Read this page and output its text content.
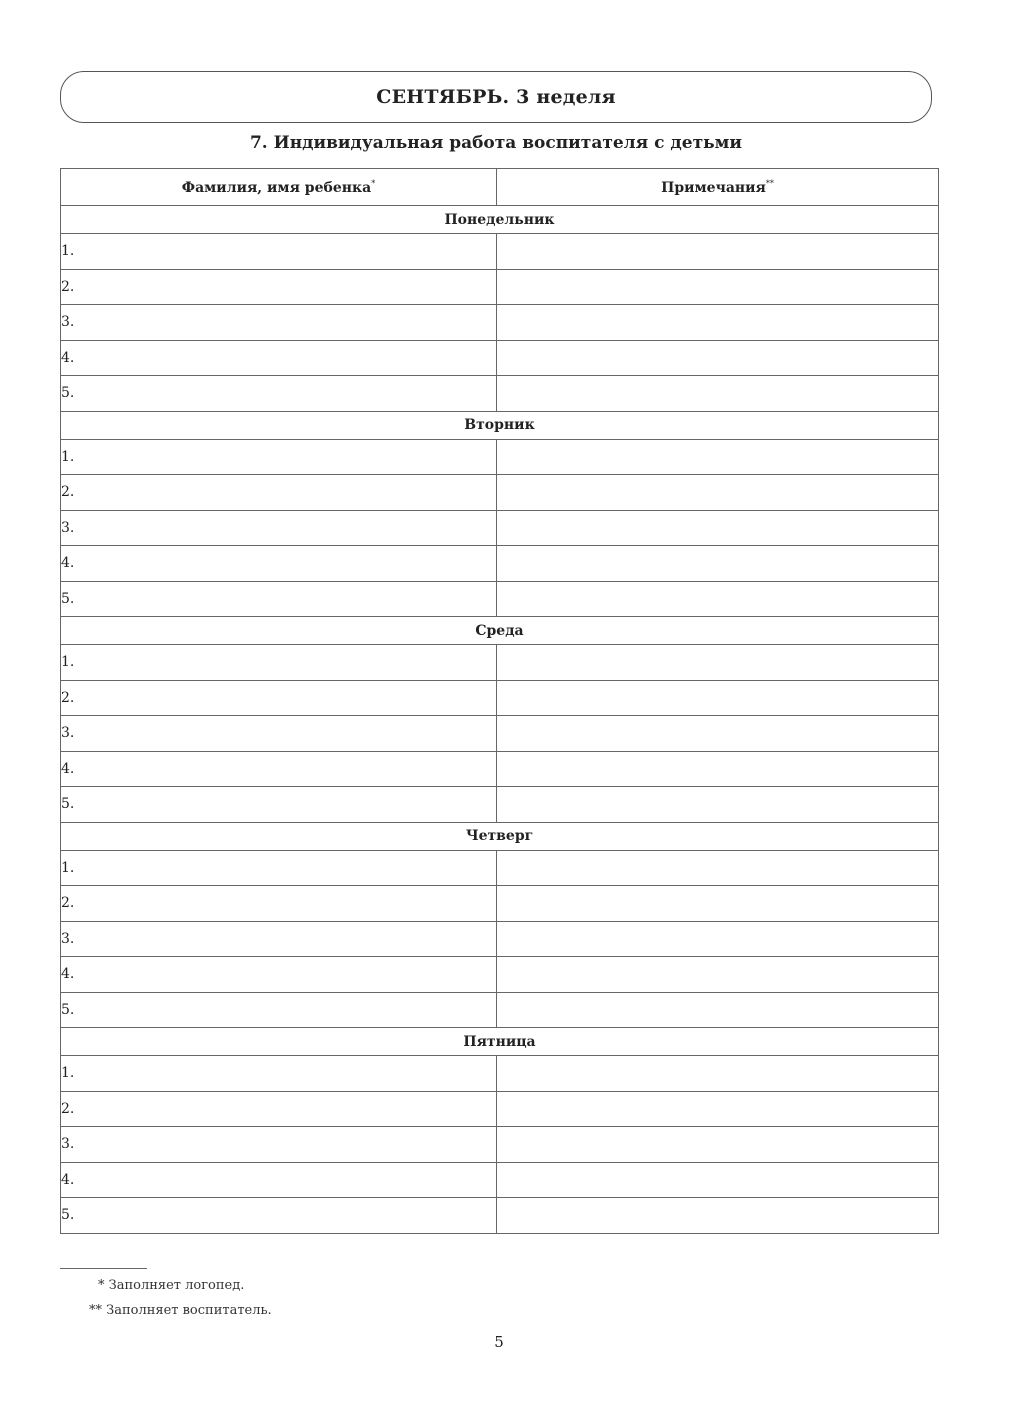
СЕНТЯБРЬ. 3 неделя
7. Индивидуальная работа воспитателя с детьми
Фамилия, имя ребенка*	Примечания**
Понедельник	
1.	
2.	
3.	
4.	
5.	
Вторник	
1.	
2.	
3.	
4.	
5.	
Среда	
1.	
2.	
3.	
4.	
5.	
Четверг	
1.	
2.	
3.	
4.	
5.	
Пятница	
1.	
2.	
3.	
4.	
5.	
* Заполняет логопед.
** Заполняет воспитатель.
5
